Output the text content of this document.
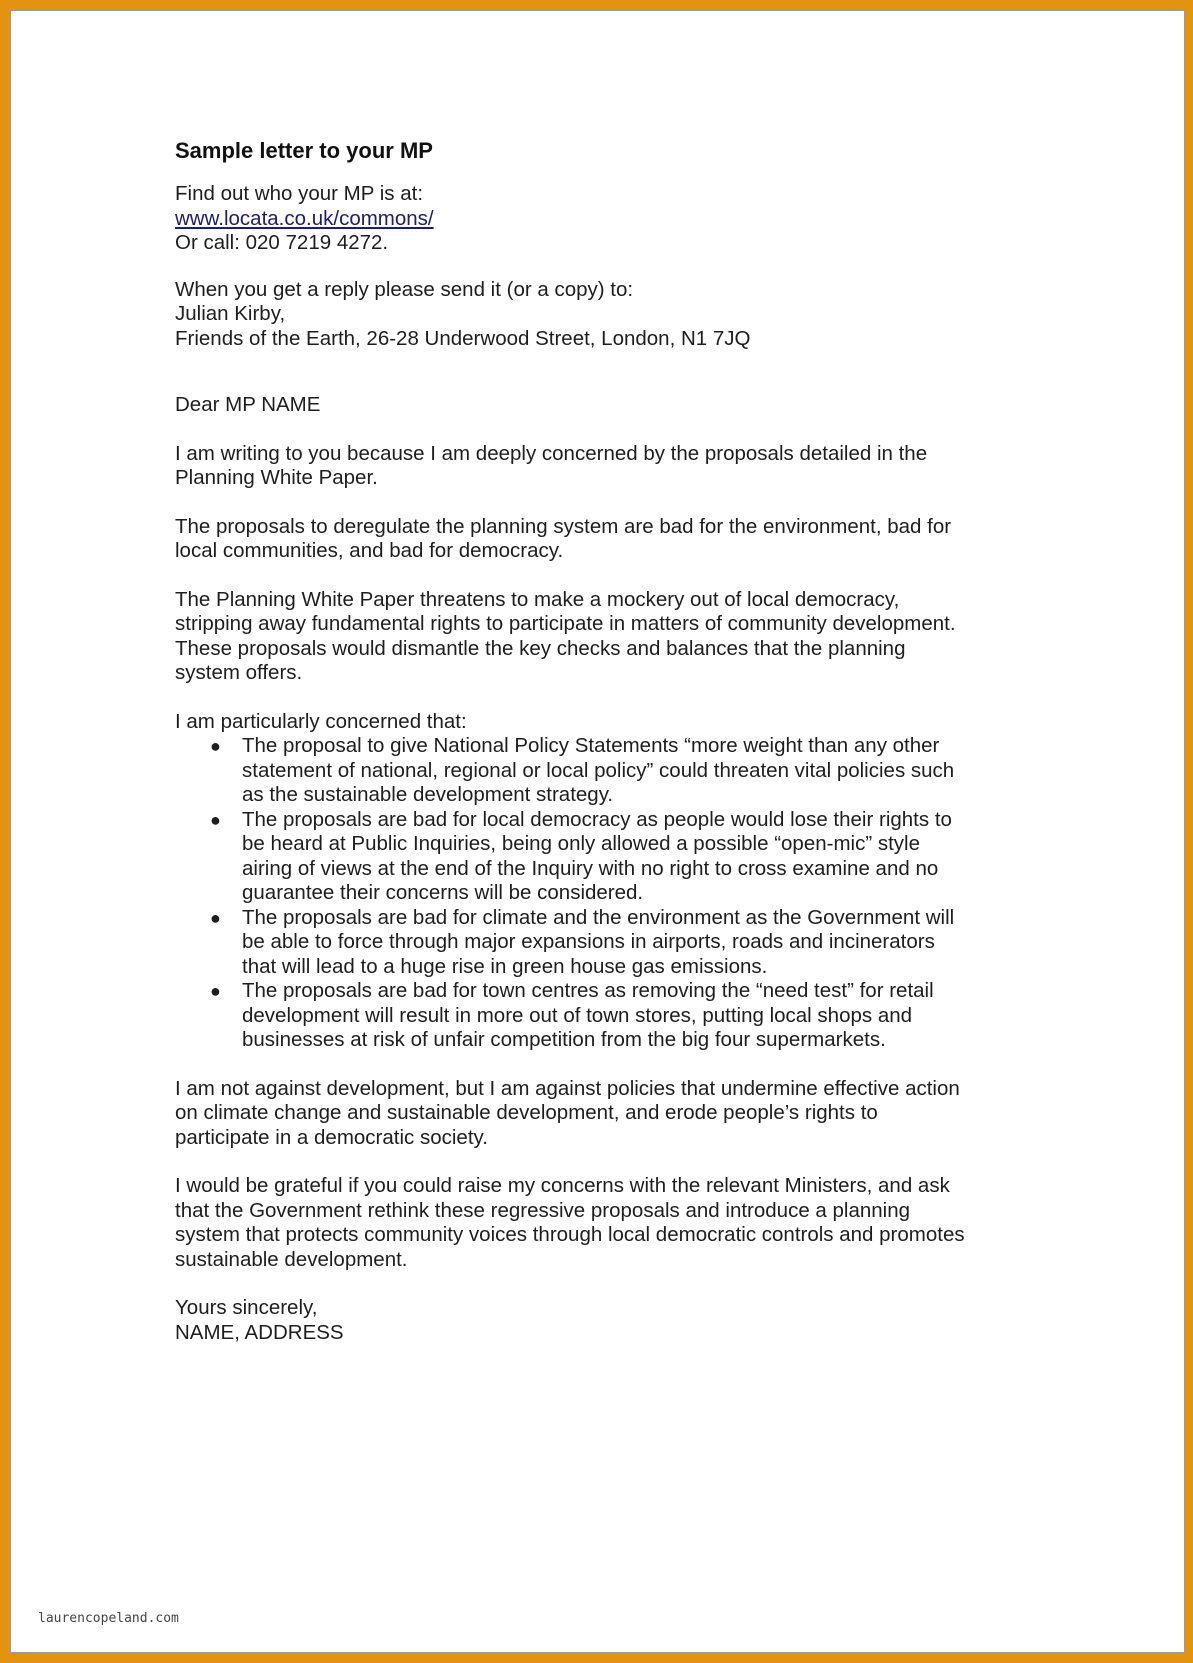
Sample letter to your MP
Find out who your MP is at:
www.locata.co.uk/commons/
Or call: 020 7219 4272.
When you get a reply please send it (or a copy) to:
Julian Kirby,
Friends of the Earth, 26-28 Underwood Street, London, N1 7JQ
Dear MP NAME

I am writing to you because I am deeply concerned by the proposals detailed in the Planning White Paper.

The proposals to deregulate the planning system are bad for the environment, bad for local communities, and bad for democracy.

The Planning White Paper threatens to make a mockery out of local democracy, stripping away fundamental rights to participate in matters of community development. These proposals would dismantle the key checks and balances that the planning system offers.

I am particularly concerned that:
● The proposal to give National Policy Statements “more weight than any other statement of national, regional or local policy” could threaten vital policies such as the sustainable development strategy.
● The proposals are bad for local democracy as people would lose their rights to be heard at Public Inquiries, being only allowed a possible “open-mic” style airing of views at the end of the Inquiry with no right to cross examine and no guarantee their concerns will be considered.
● The proposals are bad for climate and the environment as the Government will be able to force through major expansions in airports, roads and incinerators that will lead to a huge rise in green house gas emissions.
● The proposals are bad for town centres as removing the “need test” for retail development will result in more out of town stores, putting local shops and businesses at risk of unfair competition from the big four supermarkets.

I am not against development, but I am against policies that undermine effective action on climate change and sustainable development, and erode people’s rights to participate in a democratic society.

I would be grateful if you could raise my concerns with the relevant Ministers, and ask that the Government rethink these regressive proposals and introduce a planning system that protects community voices through local democratic controls and promotes sustainable development.

Yours sincerely,
NAME, ADDRESS
laurencopeland.com
